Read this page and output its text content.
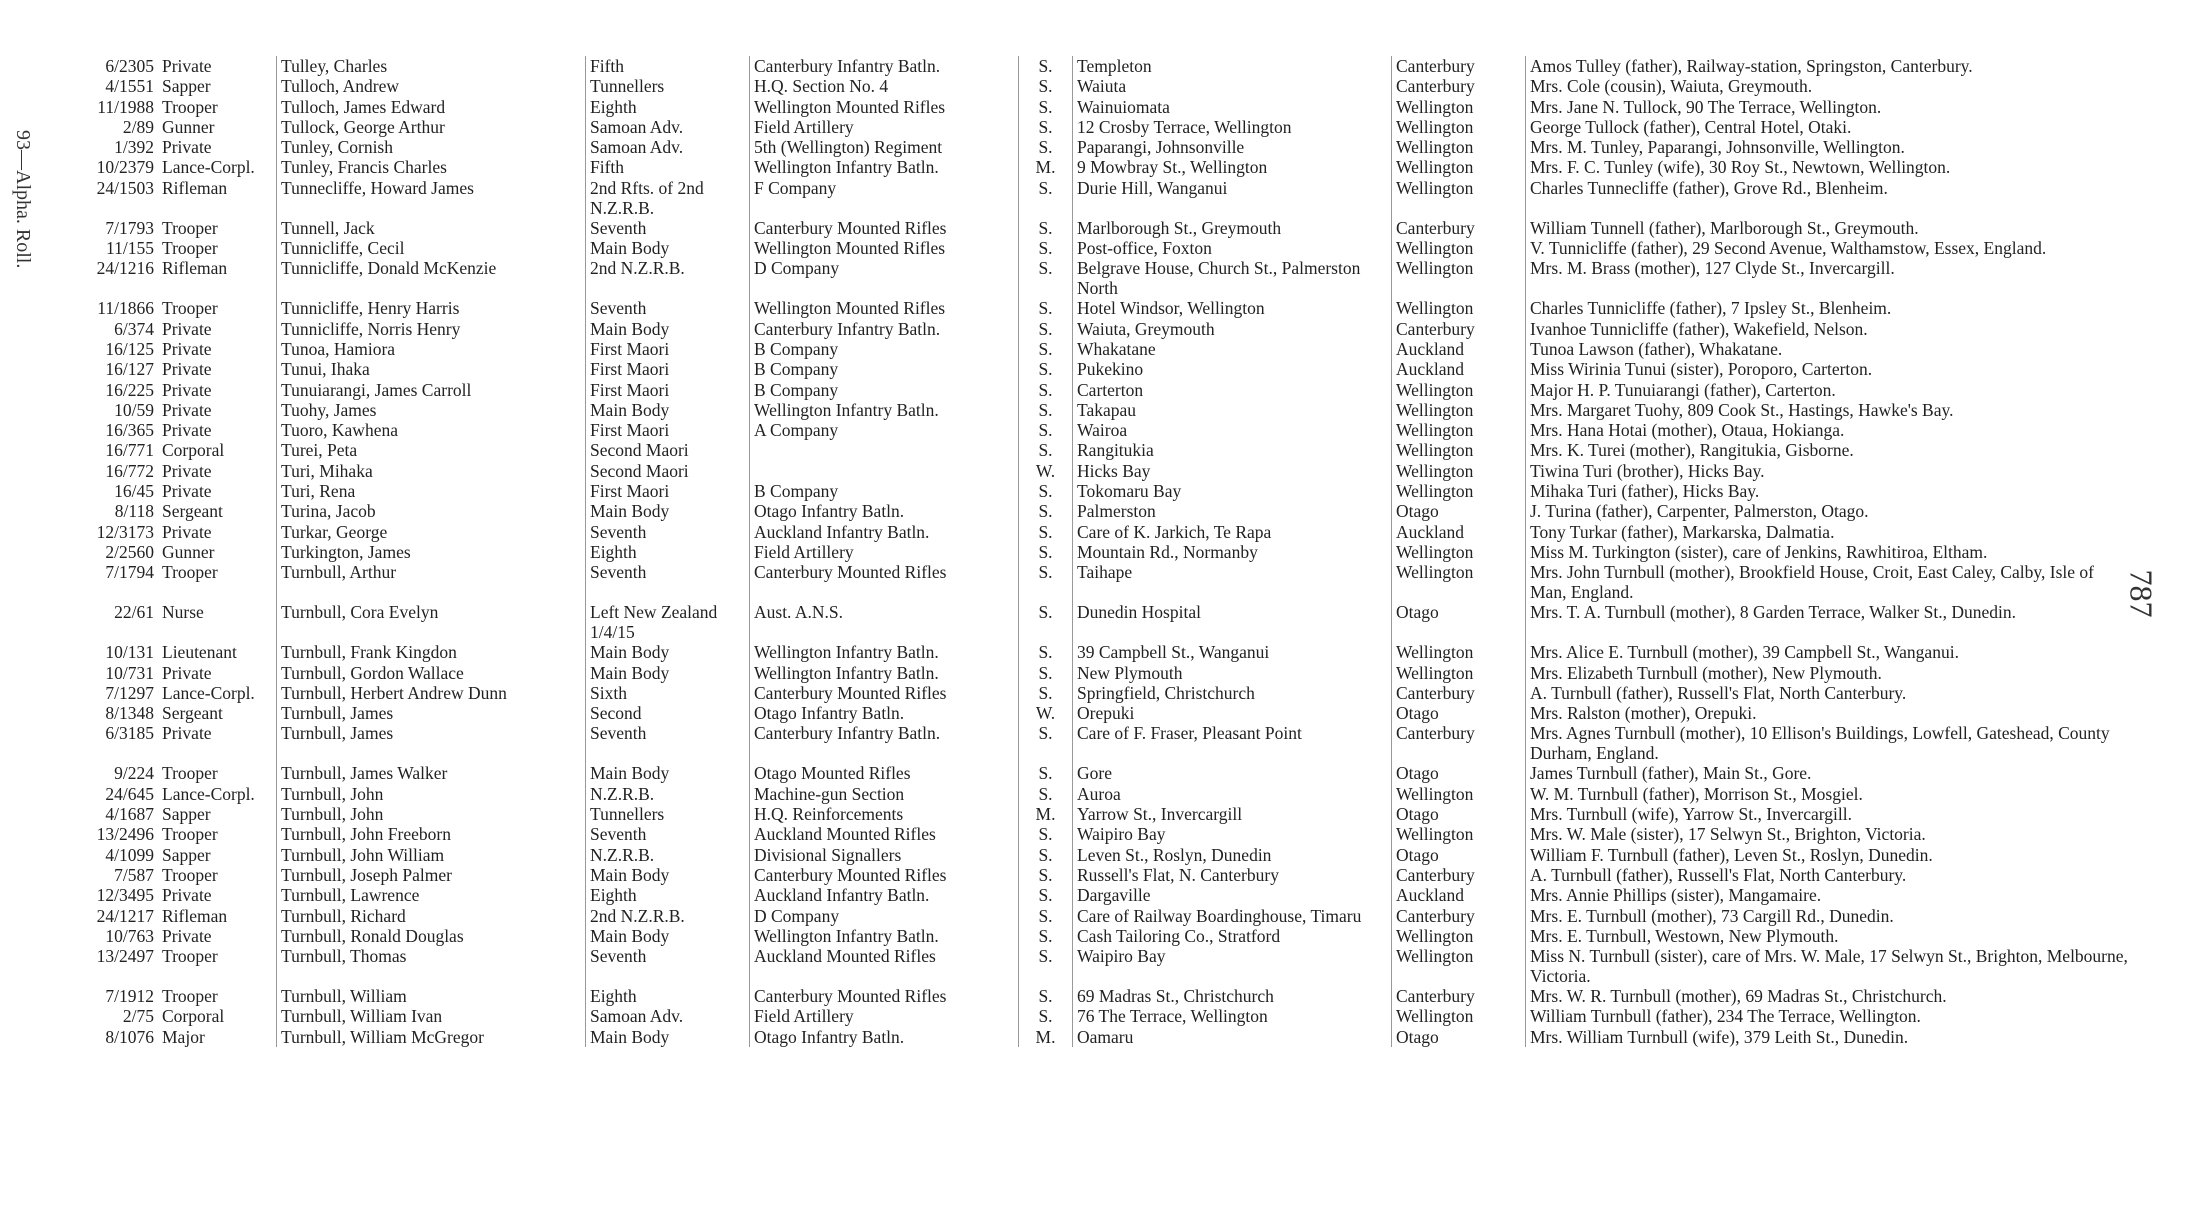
93—Alpha. Roll.
787
6/2305	Private	Tulley, Charles	Fifth	Canterbury Infantry Batln.	S.	Templeton	Canterbury	Amos Tulley (father), Railway-station, Springston, Canterbury.
4/1551	Sapper	Tulloch, Andrew	Tunnellers	H.Q. Section No. 4	S.	Waiuta	Canterbury	Mrs. Cole (cousin), Waiuta, Greymouth.
11/1988	Trooper	Tulloch, James Edward	Eighth	Wellington Mounted Rifles	S.	Wainuiomata	Wellington	Mrs. Jane N. Tullock, 90 The Terrace, Wellington.
2/89	Gunner	Tullock, George Arthur	Samoan Adv.	Field Artillery	S.	12 Crosby Terrace, Wellington	Wellington	George Tullock (father), Central Hotel, Otaki.
1/392	Private	Tunley, Cornish	Samoan Adv.	5th (Wellington) Regiment	S.	Paparangi, Johnsonville	Wellington	Mrs. M. Tunley, Paparangi, Johnsonville, Wellington.
10/2379	Lance-Corpl.	Tunley, Francis Charles	Fifth	Wellington Infantry Batln.	M.	9 Mowbray St., Wellington	Wellington	Mrs. F. C. Tunley (wife), 30 Roy St., Newtown, Wellington.
24/1503	Rifleman	Tunnecliffe, Howard James	2nd Rfts. of 2nd N.Z.R.B.	F Company	S.	Durie Hill, Wanganui	Wellington	Charles Tunnecliffe (father), Grove Rd., Blenheim.
7/1793	Trooper	Tunnell, Jack	Seventh	Canterbury Mounted Rifles	S.	Marlborough St., Greymouth	Canterbury	William Tunnell (father), Marlborough St., Greymouth.
11/155	Trooper	Tunnicliffe, Cecil	Main Body	Wellington Mounted Rifles	S.	Post-office, Foxton	Wellington	V. Tunnicliffe (father), 29 Second Avenue, Walthamstow, Essex, England.
24/1216	Rifleman	Tunnicliffe, Donald McKenzie	2nd N.Z.R.B.	D Company	S.	Belgrave House, Church St., Palmerston North	Wellington	Mrs. M. Brass (mother), 127 Clyde St., Invercargill.
11/1866	Trooper	Tunnicliffe, Henry Harris	Seventh	Wellington Mounted Rifles	S.	Hotel Windsor, Wellington	Wellington	Charles Tunnicliffe (father), 7 Ipsley St., Blenheim.
6/374	Private	Tunnicliffe, Norris Henry	Main Body	Canterbury Infantry Batln.	S.	Waiuta, Greymouth	Canterbury	Ivanhoe Tunnicliffe (father), Wakefield, Nelson.
16/125	Private	Tunoa, Hamiora	First Maori	B Company	S.	Whakatane	Auckland	Tunoa Lawson (father), Whakatane.
16/127	Private	Tunui, Ihaka	First Maori	B Company	S.	Pukekino	Auckland	Miss Wirinia Tunui (sister), Poroporo, Carterton.
16/225	Private	Tunuiarangi, James Carroll	First Maori	B Company	S.	Carterton	Wellington	Major H. P. Tunuiarangi (father), Carterton.
10/59	Private	Tuohy, James	Main Body	Wellington Infantry Batln.	S.	Takapau	Wellington	Mrs. Margaret Tuohy, 809 Cook St., Hastings, Hawke's Bay.
16/365	Private	Tuoro, Kawhena	First Maori	A Company	S.	Wairoa	Wellington	Mrs. Hana Hotai (mother), Otaua, Hokianga.
16/771	Corporal	Turei, Peta	Second Maori		S.	Rangitukia	Wellington	Mrs. K. Turei (mother), Rangitukia, Gisborne.
16/772	Private	Turi, Mihaka	Second Maori		W.	Hicks Bay	Wellington	Tiwina Turi (brother), Hicks Bay.
16/45	Private	Turi, Rena	First Maori	B Company	S.	Tokomaru Bay	Wellington	Mihaka Turi (father), Hicks Bay.
8/118	Sergeant	Turina, Jacob	Main Body	Otago Infantry Batln.	S.	Palmerston	Otago	J. Turina (father), Carpenter, Palmerston, Otago.
12/3173	Private	Turkar, George	Seventh	Auckland Infantry Batln.	S.	Care of K. Jarkich, Te Rapa	Auckland	Tony Turkar (father), Markarska, Dalmatia.
2/2560	Gunner	Turkington, James	Eighth	Field Artillery	S.	Mountain Rd., Normanby	Wellington	Miss M. Turkington (sister), care of Jenkins, Rawhitiroa, Eltham.
7/1794	Trooper	Turnbull, Arthur	Seventh	Canterbury Mounted Rifles	S.	Taihape	Wellington	Mrs. John Turnbull (mother), Brookfield House, Croit, East Caley, Calby, Isle of Man, England.
22/61	Nurse	Turnbull, Cora Evelyn	Left New Zealand 1/4/15	Aust. A.N.S.	S.	Dunedin Hospital	Otago	Mrs. T. A. Turnbull (mother), 8 Garden Terrace, Walker St., Dunedin.
10/131	Lieutenant	Turnbull, Frank Kingdon	Main Body	Wellington Infantry Batln.	S.	39 Campbell St., Wanganui	Wellington	Mrs. Alice E. Turnbull (mother), 39 Campbell St., Wanganui.
10/731	Private	Turnbull, Gordon Wallace	Main Body	Wellington Infantry Batln.	S.	New Plymouth	Wellington	Mrs. Elizabeth Turnbull (mother), New Plymouth.
7/1297	Lance-Corpl.	Turnbull, Herbert Andrew Dunn	Sixth	Canterbury Mounted Rifles	S.	Springfield, Christchurch	Canterbury	A. Turnbull (father), Russell's Flat, North Canterbury.
8/1348	Sergeant	Turnbull, James	Second	Otago Infantry Batln.	W.	Orepuki	Otago	Mrs. Ralston (mother), Orepuki.
6/3185	Private	Turnbull, James	Seventh	Canterbury Infantry Batln.	S.	Care of F. Fraser, Pleasant Point	Canterbury	Mrs. Agnes Turnbull (mother), 10 Ellison's Buildings, Lowfell, Gateshead, County Durham, England.
9/224	Trooper	Turnbull, James Walker	Main Body	Otago Mounted Rifles	S.	Gore	Otago	James Turnbull (father), Main St., Gore.
24/645	Lance-Corpl.	Turnbull, John	N.Z.R.B.	Machine-gun Section	S.	Auroa	Wellington	W. M. Turnbull (father), Morrison St., Mosgiel.
4/1687	Sapper	Turnbull, John	Tunnellers	H.Q. Reinforcements	M.	Yarrow St., Invercargill	Otago	Mrs. Turnbull (wife), Yarrow St., Invercargill.
13/2496	Trooper	Turnbull, John Freeborn	Seventh	Auckland Mounted Rifles	S.	Waipiro Bay	Wellington	Mrs. W. Male (sister), 17 Selwyn St., Brighton, Victoria.
4/1099	Sapper	Turnbull, John William	N.Z.R.B.	Divisional Signallers	S.	Leven St., Roslyn, Dunedin	Otago	William F. Turnbull (father), Leven St., Roslyn, Dunedin.
7/587	Trooper	Turnbull, Joseph Palmer	Main Body	Canterbury Mounted Rifles	S.	Russell's Flat, N. Canterbury	Canterbury	A. Turnbull (father), Russell's Flat, North Canterbury.
12/3495	Private	Turnbull, Lawrence	Eighth	Auckland Infantry Batln.	S.	Dargaville	Auckland	Mrs. Annie Phillips (sister), Mangamaire.
24/1217	Rifleman	Turnbull, Richard	2nd N.Z.R.B.	D Company	S.	Care of Railway Boardinghouse, Timaru	Canterbury	Mrs. E. Turnbull (mother), 73 Cargill Rd., Dunedin.
10/763	Private	Turnbull, Ronald Douglas	Main Body	Wellington Infantry Batln.	S.	Cash Tailoring Co., Stratford	Wellington	Mrs. E. Turnbull, Westown, New Plymouth.
13/2497	Trooper	Turnbull, Thomas	Seventh	Auckland Mounted Rifles	S.	Waipiro Bay	Wellington	Miss N. Turnbull (sister), care of Mrs. W. Male, 17 Selwyn St., Brighton, Melbourne, Victoria.
7/1912	Trooper	Turnbull, William	Eighth	Canterbury Mounted Rifles	S.	69 Madras St., Christchurch	Canterbury	Mrs. W. R. Turnbull (mother), 69 Madras St., Christchurch.
2/75	Corporal	Turnbull, William Ivan	Samoan Adv.	Field Artillery	S.	76 The Terrace, Wellington	Wellington	William Turnbull (father), 234 The Terrace, Wellington.
8/1076	Major	Turnbull, William McGregor	Main Body	Otago Infantry Batln.	M.	Oamaru	Otago	Mrs. William Turnbull (wife), 379 Leith St., Dunedin.
